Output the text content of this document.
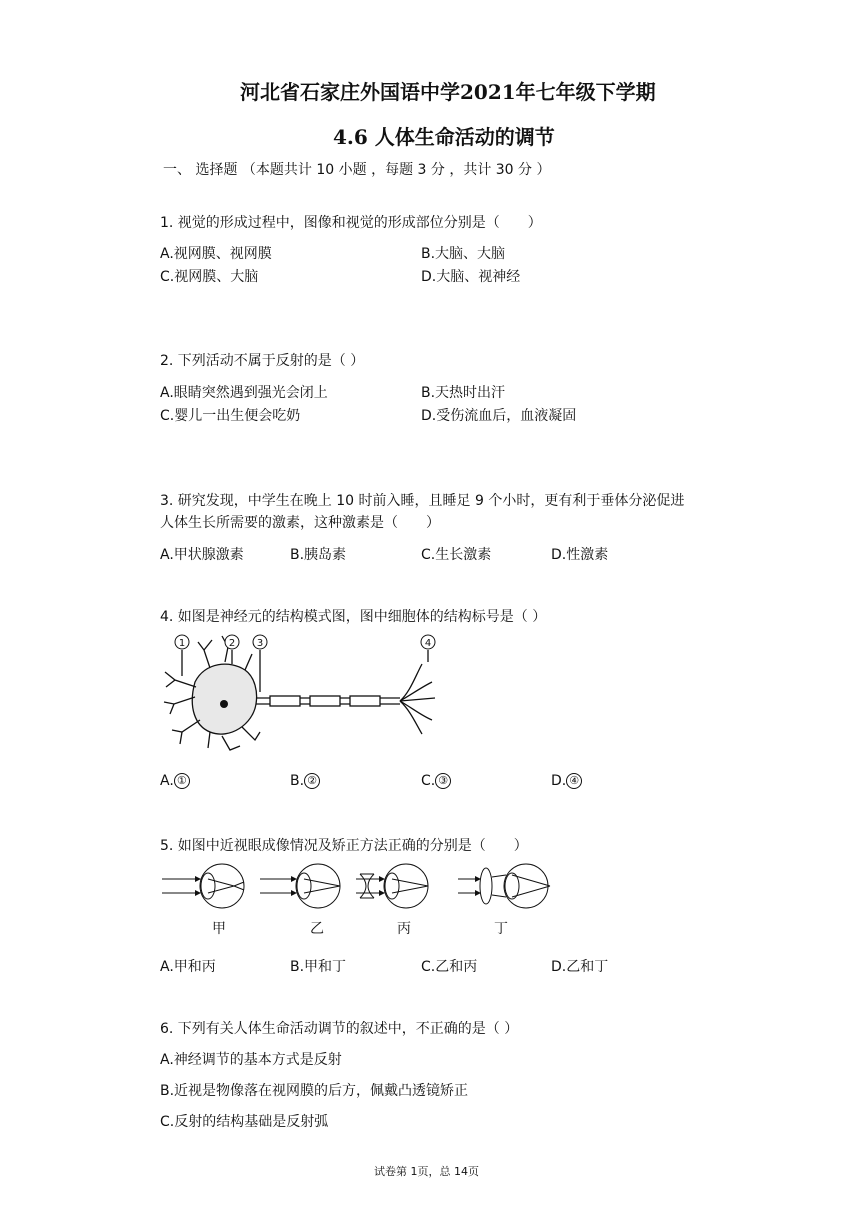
河北省石家庄外国语中学2021年七年级下学期
4.6 人体生命活动的调节
一、 选择题 （本题共计 10 小题 ，每题 3 分 ，共计 30 分 ）
1. 视觉的形成过程中，图像和视觉的形成部位分别是（　　）
A.视网膜、视网膜	B.大脑、大脑
C.视网膜、大脑	D.大脑、视神经
2. 下列活动不属于反射的是（ ）
A.眼睛突然遇到强光会闭上	B.天热时出汗
C.婴儿一出生便会吃奶	D.受伤流血后，血液凝固
3. 研究发现，中学生在晚上 10 时前入睡，且睡足 9 个小时，更有利于垂体分泌促进
人体生长所需要的激素，这种激素是（　　）
A.甲状腺激素	B.胰岛素	C.生长激素	D.性激素
4. 如图是神经元的结构模式图，图中细胞体的结构标号是（ ）
1	2 3	4
A. ①	B. ②	C. ③	D. ④
5. 如图中近视眼成像情况及矫正方法正确的分别是（　　）
甲	乙	丙	丁
A.甲和丙	B.甲和丁	C.乙和丙	D.乙和丁
6. 下列有关人体生命活动调节的叙述中，不正确的是（ ）
A.神经调节的基本方式是反射
B.近视是物像落在视网膜的后方，佩戴凸透镜矫正
C.反射的结构基础是反射弧
试卷第 1页，总 14页
